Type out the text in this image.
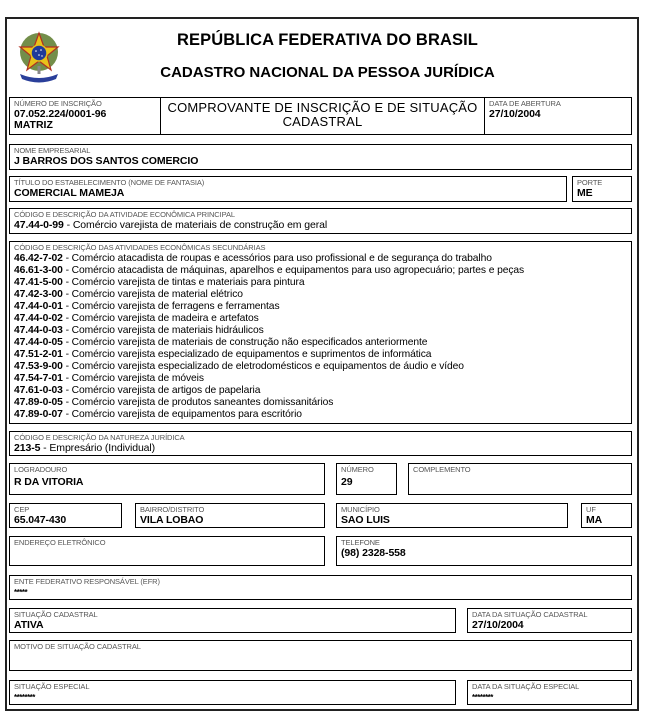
REPÚBLICA FEDERATIVA DO BRASIL
CADASTRO NACIONAL DA PESSOA JURÍDICA
NÚMERO DE INSCRIÇÃO
07.052.224/0001-96
MATRIZ
COMPROVANTE DE INSCRIÇÃO E DE SITUAÇÃO
CADASTRAL
DATA DE ABERTURA
27/10/2004
NOME EMPRESARIAL
J BARROS DOS SANTOS COMERCIO
TÍTULO DO ESTABELECIMENTO (NOME DE FANTASIA)
COMERCIAL MAMEJA
PORTE
ME
CÓDIGO E DESCRIÇÃO DA ATIVIDADE ECONÔMICA PRINCIPAL
47.44-0-99 - Comércio varejista de materiais de construção em geral
CÓDIGO E DESCRIÇÃO DAS ATIVIDADES ECONÔMICAS SECUNDÁRIAS
46.42-7-02 - Comércio atacadista de roupas e acessórios para uso profissional e de segurança do trabalho
46.61-3-00 - Comércio atacadista de máquinas, aparelhos e equipamentos para uso agropecuário; partes e peças
47.41-5-00 - Comércio varejista de tintas e materiais para pintura
47.42-3-00 - Comércio varejista de material elétrico
47.44-0-01 - Comércio varejista de ferragens e ferramentas
47.44-0-02 - Comércio varejista de madeira e artefatos
47.44-0-03 - Comércio varejista de materiais hidráulicos
47.44-0-05 - Comércio varejista de materiais de construção não especificados anteriormente
47.51-2-01 - Comércio varejista especializado de equipamentos e suprimentos de informática
47.53-9-00 - Comércio varejista especializado de eletrodomésticos e equipamentos de áudio e vídeo
47.54-7-01 - Comércio varejista de móveis
47.61-0-03 - Comércio varejista de artigos de papelaria
47.89-0-05 - Comércio varejista de produtos saneantes domissanitários
47.89-0-07 - Comércio varejista de equipamentos para escritório
CÓDIGO E DESCRIÇÃO DA NATUREZA JURÍDICA
213-5 - Empresário (Individual)
LOGRADOURO
R DA VITORIA
NÚMERO
29
COMPLEMENTO
CEP
65.047-430
BAIRRO/DISTRITO
VILA LOBAO
MUNICÍPIO
SAO LUIS
UF
MA
ENDEREÇO ELETRÔNICO	TELEFONE
(98) 2328-558
ENTE FEDERATIVO RESPONSÁVEL (EFR)
*****
SITUAÇÃO CADASTRAL
ATIVA
DATA DA SITUAÇÃO CADASTRAL
27/10/2004
MOTIVO DE SITUAÇÃO CADASTRAL
SITUAÇÃO ESPECIAL
********
DATA DA SITUAÇÃO ESPECIAL
********
